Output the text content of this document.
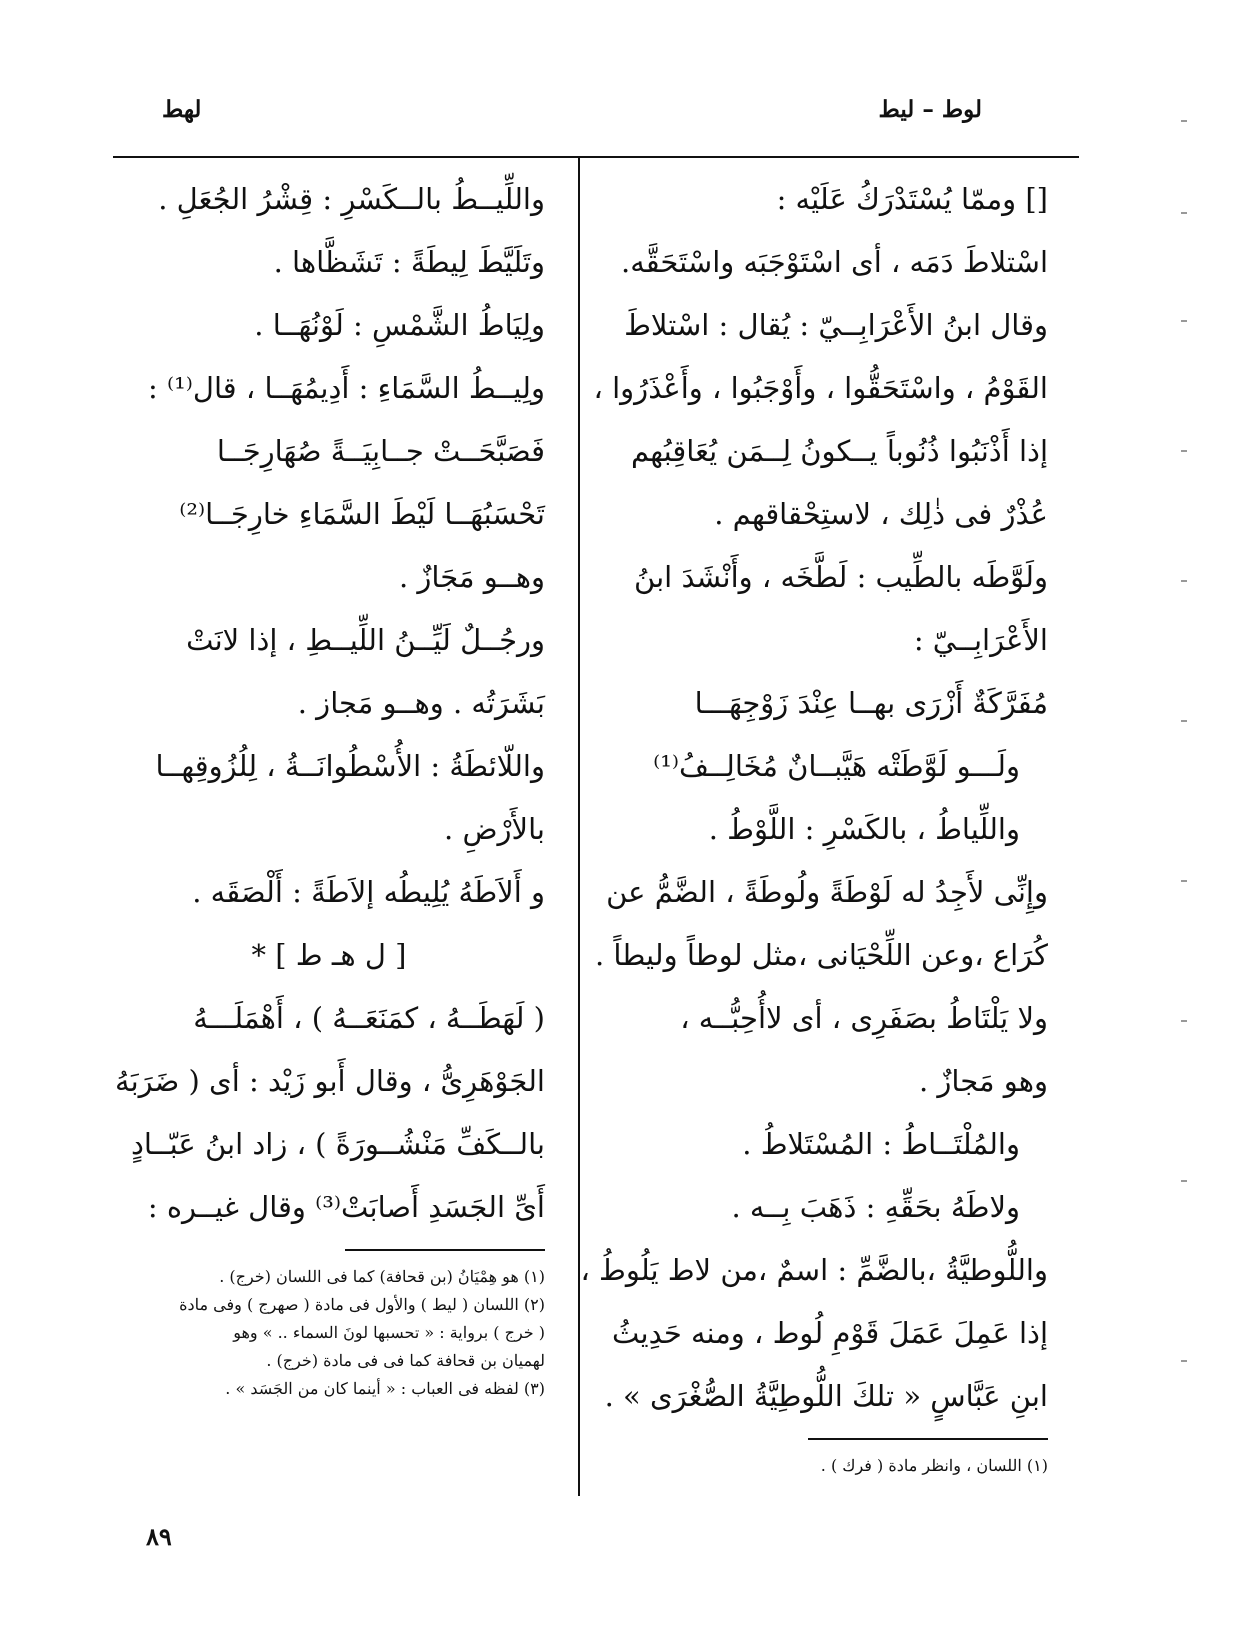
لوط – ليط
لهط
[] وممّا يُسْتَدْرَكُ عَلَيْه :
اسْتلاطَ دَمَه ، أى اسْتَوْجَبَه واسْتَحَقَّه.
وقال ابنُ الأَعْرَابِــيّ : يُقال : اسْتلاطَ
القَوْمُ ، واسْتَحَقُّوا ، وأَوْجَبُوا ، وأَعْذَرُوا ،
إذا أَذْنَبُوا ذُنُوباً يــكونُ لِــمَن يُعَاقِبُهم
عُذْرٌ فى ذٰلِك ، لاستِحْقاقهم .
ولَوَّطَه بالطِّيب : لَطَّخَه ، وأَنْشَدَ ابنُ
الأَعْرَابِــيّ :
مُفَرَّكَةٌ أَزْرَى بهــا عِنْدَ زَوْجِهَـــا
ولَـــو لَوَّطَتْه هَيَّبــانٌ مُخَالِــفُ⁽¹⁾
واللِّياطُ ، بالكَسْرِ : اللَّوْطُ .
وإِنِّى لأَجِدُ له لَوْطَةً ولُوطَةً ، الضَّمُّ عن
كُرَاع ،وعن اللِّحْيَانى ،مثل لوطاً وليطاً .
ولا يَلْتَاطُ بصَفَرِى ، أى لاأُحِبُّــه ،
وهو مَجازٌ .
والمُلْتَــاطُ : المُسْتَلاطُ .
ولاطَهُ بحَقِّهِ : ذَهَبَ بِــه .
واللُّوطيَّةُ ،بالضَّمِّ : اسمٌ ،من لاط يَلُوطُ ،
إذا عَمِلَ عَمَلَ قَوْمِ لُوط ، ومنه حَدِيثُ
ابنِ عَبَّاسٍ « تلكَ اللُّوطِيَّةُ الصُّغْرَى » .
(١) اللسان ، وانظر مادة ( فرك ) .
واللِّيــطُ بالــكَسْرِ : قِشْرُ الجُعَلِ .
وتَلَيَّطَ لِيطَةً : تَشَظَّاها .
ولِيَاطُ الشَّمْسِ : لَوْنُهَــا .
ولِيــطُ السَّمَاءِ : أَدِيمُهَــا ، قال⁽¹⁾ :
فَصَبَّحَــتْ جــابِيَــةً صُهَارِجَــا
تَحْسَبُهَــا لَيْطَ السَّمَاءِ خارِجَــا⁽²⁾
وهــو مَجَازٌ .
ورجُــلٌ لَيِّــنُ اللِّيــطِ ، إذا لانَتْ
بَشَرَتُه . وهــو مَجاز .
واللّائطَةُ : الأُسْطُوانَــةُ ، لِلُزُوقِهــا
بالأَرْضِ .
و أَلاَطَهُ يُلِيطُه إلاَطَةً : أَلْصَقَه .
[ ل هـ ط ] *
( لَهَطَــهُ ، كمَنَعَــهُ ) ، أَهْمَلَـــهُ
الجَوْهَرِىُّ ، وقال أَبو زَيْد : أى ( ضَرَبَهُ
بالــكَفِّ مَنْشُــورَةً ) ، زاد ابنُ عَبّــادٍ
أَىِّ الجَسَدِ أَصابَتْ⁽³⁾ وقال غيــره :
(١) هو هِمْيَانُ (بن قحافة) كما فى اللسان (خرج) .
(٢) اللسان ( ليط ) والأول فى مادة ( صهرج ) وفى مادة
( خرج ) برواية : « تحسبها لونَ السماء .. » وهو
لهميان بن قحافة كما فى فى مادة (خرج) .
(٣) لفظه فى العباب : « أينما كان من الجَسَد » .
٨٩
